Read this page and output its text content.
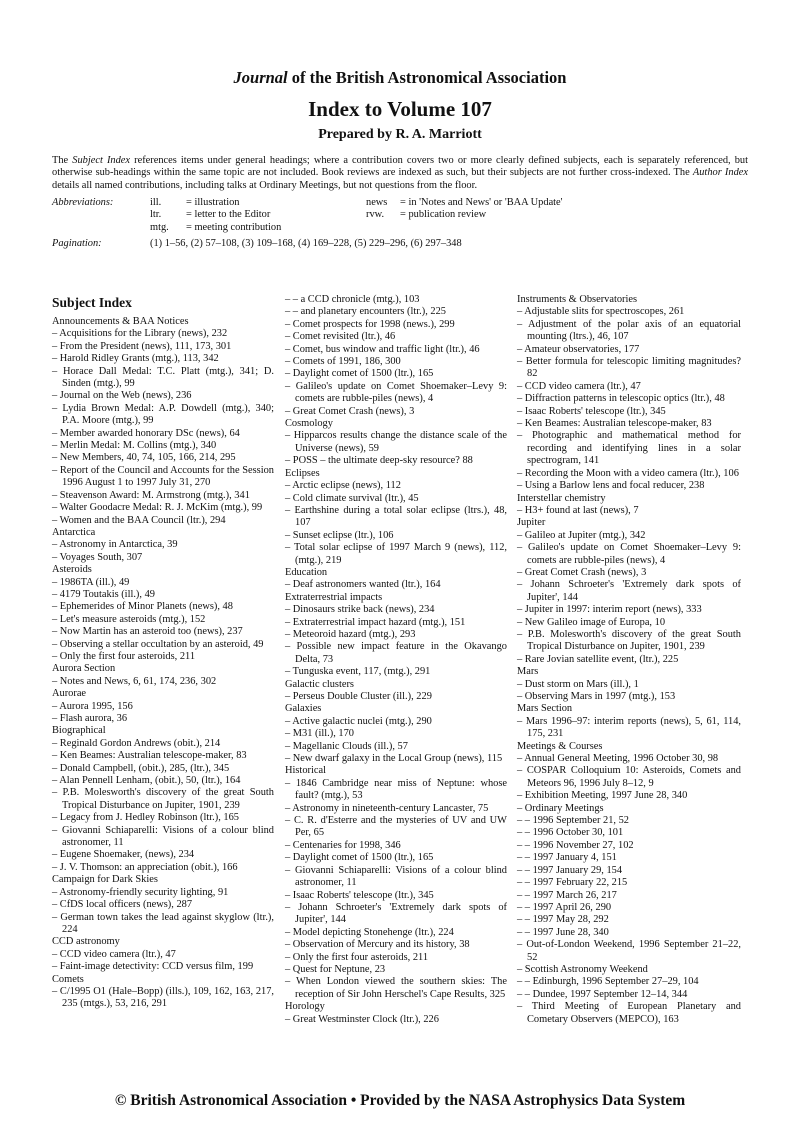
Journal of the British Astronomical Association
Index to Volume 107
Prepared by R. A. Marriott

The Subject Index references items under general headings; where a contribution covers two or more clearly defined subjects, each is separately referenced, but otherwise sub-headings within the same topic are not included. Book reviews are indexed as such, but their subjects are not further cross-indexed. The Author Index details all named contributions, including talks at Ordinary Meetings, but not questions from the floor.

Abbreviations:	ill. = illustration
ltr. = letter to the Editor
mtg. = meeting contribution
news = in 'Notes and News' or 'BAA Update'
rvw. = publication review
Pagination:	(1) 1–56, (2) 57–108, (3) 109–168, (4) 169–228, (5) 229–296, (6) 297–348
Subject Index
Announcements & BAA Notices
– Acquisitions for the Library (news), 232
– From the President (news), 111, 173, 301
– Harold Ridley Grants (mtg.), 113, 342
– Horace Dall Medal: T.C. Platt (mtg.), 341; D. Sinden (mtg.), 99
– Journal on the Web (news), 236
– Lydia Brown Medal: A.P. Dowdell (mtg.), 340; P.A. Moore (mtg.), 99
– Member awarded honorary DSc (news), 64
– Merlin Medal: M. Collins (mtg.), 340
– New Members, 40, 74, 105, 166, 214, 295
– Report of the Council and Accounts for the Session 1996 August 1 to 1997 July 31, 270
– Steavenson Award: M. Armstrong (mtg.), 341
– Walter Goodacre Medal: R. J. McKim (mtg.), 99
– Women and the BAA Council (ltr.), 294
Antarctica
– Astronomy in Antarctica, 39
– Voyages South, 307
Asteroids
– 1986TA (ill.), 49
– 4179 Toutakis (ill.), 49
– Ephemerides of Minor Planets (news), 48
– Let's measure asteroids (mtg.), 152
– Now Martin has an asteroid too (news), 237
– Observing a stellar occultation by an asteroid, 49
– Only the first four asteroids, 211
Aurora Section
– Notes and News, 6, 61, 174, 236, 302
Aurorae
– Aurora 1995, 156
– Flash aurora, 36
Biographical
– Reginald Gordon Andrews (obit.), 214
– Ken Beames: Australian telescope-maker, 83
– Donald Campbell, (obit.), 285, (ltr.), 345
– Alan Pennell Lenham, (obit.), 50, (ltr.), 164
– P.B. Molesworth's discovery of the great South Tropical Disturbance on Jupiter, 1901, 239
– Legacy from J. Hedley Robinson (ltr.), 165
– Giovanni Schiaparelli: Visions of a colour blind astronomer, 11
– Eugene Shoemaker, (news), 234
– J. V. Thomson: an appreciation (obit.), 166
Campaign for Dark Skies
– Astronomy-friendly security lighting, 91
– CfDS local officers (news), 287
– German town takes the lead against skyglow (ltr.), 224
CCD astronomy
– CCD video camera (ltr.), 47
– Faint-image detectivity: CCD versus film, 199
Comets
– C/1995 O1 (Hale–Bopp) (ills.), 109, 162, 163, 217, 235 (mtgs.), 53, 216, 291
– – a CCD chronicle (mtg.), 103
– – and planetary encounters (ltr.), 225
– Comet prospects for 1998 (news.), 299
– Comet revisited (ltr.), 46
– Comet, bus window and traffic light (ltr.), 46
– Comets of 1991, 186, 300
– Daylight comet of 1500 (ltr.), 165
– Galileo's update on Comet Shoemaker–Levy 9: comets are rubble-piles (news), 4
– Great Comet Crash (news), 3
Cosmology
– Hipparcos results change the distance scale of the Universe (news), 59
– POSS – the ultimate deep-sky resource? 88
Eclipses
– Arctic eclipse (news), 112
– Cold climate survival (ltr.), 45
– Earthshine during a total solar eclipse (ltrs.), 48, 107
– Sunset eclipse (ltr.), 106
– Total solar eclipse of 1997 March 9 (news), 112, (mtg.), 219
Education
– Deaf astronomers wanted (ltr.), 164
Extraterrestrial impacts
– Dinosaurs strike back (news), 234
– Extraterrestrial impact hazard (mtg.), 151
– Meteoroid hazard (mtg.), 293
– Possible new impact feature in the Okavango Delta, 73
– Tunguska event, 117, (mtg.), 291
Galactic clusters
– Perseus Double Cluster (ill.), 229
Galaxies
– Active galactic nuclei (mtg.), 290
– M31 (ill.), 170
– Magellanic Clouds (ill.), 57
– New dwarf galaxy in the Local Group (news), 115
Historical
– 1846 Cambridge near miss of Neptune: whose fault? (mtg.), 53
– Astronomy in nineteenth-century Lancaster, 75
– C. R. d'Esterre and the mysteries of UV and UW Per, 65
– Centenaries for 1998, 346
– Daylight comet of 1500 (ltr.), 165
– Giovanni Schiaparelli: Visions of a colour blind astronomer, 11
– Isaac Roberts' telescope (ltr.), 345
– Johann Schroeter's 'Extremely dark spots of Jupiter', 144
– Model depicting Stonehenge (ltr.), 224
– Observation of Mercury and its history, 38
– Only the first four asteroids, 211
– Quest for Neptune, 23
– When London viewed the southern skies: The reception of Sir John Herschel's Cape Results, 325
Horology
– Great Westminster Clock (ltr.), 226
Instruments & Observatories
– Adjustable slits for spectroscopes, 261
– Adjustment of the polar axis of an equatorial mounting (ltrs.), 46, 107
– Amateur observatories, 177
– Better formula for telescopic limiting magnitudes? 82
– CCD video camera (ltr.), 47
– Diffraction patterns in telescopic optics (ltr.), 48
– Isaac Roberts' telescope (ltr.), 345
– Ken Beames: Australian telescope-maker, 83
– Photographic and mathematical method for recording and identifying lines in a solar spectrogram, 141
– Recording the Moon with a video camera (ltr.), 106
– Using a Barlow lens and focal reducer, 238
Interstellar chemistry
– H3+ found at last (news), 7
Jupiter
– Galileo at Jupiter (mtg.), 342
– Galileo's update on Comet Shoemaker–Levy 9: comets are rubble-piles (news), 4
– Great Comet Crash (news), 3
– Johann Schroeter's 'Extremely dark spots of Jupiter', 144
– Jupiter in 1997: interim report (news), 333
– New Galileo image of Europa, 10
– P.B. Molesworth's discovery of the great South Tropical Disturbance on Jupiter, 1901, 239
– Rare Jovian satellite event, (ltr.), 225
Mars
– Dust storm on Mars (ill.), 1
– Observing Mars in 1997 (mtg.), 153
Mars Section
– Mars 1996–97: interim reports (news), 5, 61, 114, 175, 231
Meetings & Courses
– Annual General Meeting, 1996 October 30, 98
– COSPAR Colloquium 10: Asteroids, Comets and Meteors 96, 1996 July 8–12, 9
– Exhibition Meeting, 1997 June 28, 340
– Ordinary Meetings
– – 1996 September 21, 52
– – 1996 October 30, 101
– – 1996 November 27, 102
– – 1997 January 4, 151
– – 1997 January 29, 154
– – 1997 February 22, 215
– – 1997 March 26, 217
– – 1997 April 26, 290
– – 1997 May 28, 292
– – 1997 June 28, 340
– Out-of-London Weekend, 1996 September 21–22, 52
– Scottish Astronomy Weekend
– – Edinburgh, 1996 September 27–29, 104
– – Dundee, 1997 September 12–14, 344
– Third Meeting of European Planetary and Cometary Observers (MEPCO), 163
© British Astronomical Association • Provided by the NASA Astrophysics Data System
